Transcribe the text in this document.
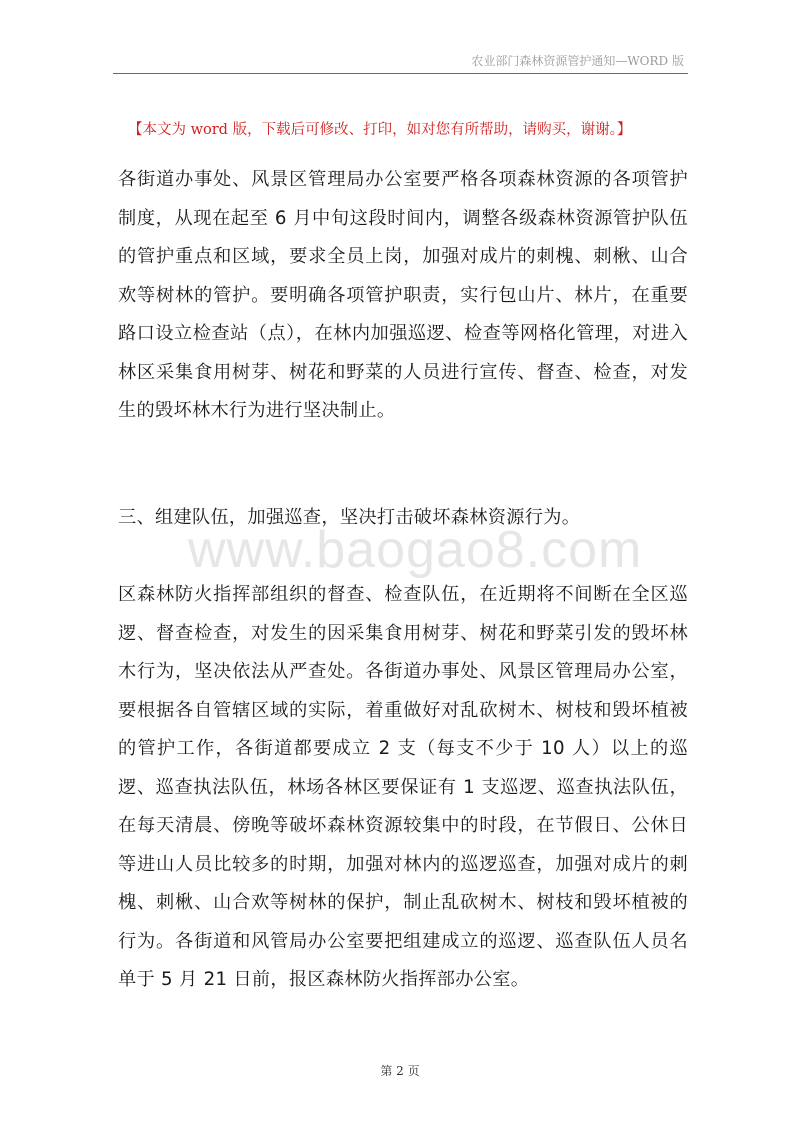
农业部门森林资源管护通知—WORD 版
【本文为 word 版，下载后可修改、打印，如对您有所帮助，请购买，谢谢。】

各街道办事处、风景区管理局办公室要严格各项森林资源的各项管护制度，从现在起至 6 月中旬这段时间内，调整各级森林资源管护队伍的管护重点和区域，要求全员上岗，加强对成片的刺槐、刺楸、山合欢等树林的管护。要明确各项管护职责，实行包山片、林片，在重要路口设立检查站（点），在林内加强巡逻、检查等网格化管理，对进入林区采集食用树芽、树花和野菜的人员进行宣传、督查、检查，对发生的毁坏林木行为进行坚决制止。

三、组建队伍，加强巡查，坚决打击破坏森林资源行为。

www.baogao8.com

区森林防火指挥部组织的督查、检查队伍，在近期将不间断在全区巡逻、督查检查，对发生的因采集食用树芽、树花和野菜引发的毁坏林木行为，坚决依法从严查处。各街道办事处、风景区管理局办公室，要根据各自管辖区域的实际，着重做好对乱砍树木、树枝和毁坏植被的管护工作，各街道都要成立 2 支（每支不少于 10 人）以上的巡逻、巡查执法队伍，林场各林区要保证有 1 支巡逻、巡查执法队伍，在每天清晨、傍晚等破坏森林资源较集中的时段，在节假日、公休日等进山人员比较多的时期，加强对林内的巡逻巡查，加强对成片的刺槐、刺楸、山合欢等树林的保护，制止乱砍树木、树枝和毁坏植被的行为。各街道和风管局办公室要把组建成立的巡逻、巡查队伍人员名单于 5 月 21 日前，报区森林防火指挥部办公室。

第 2 页
